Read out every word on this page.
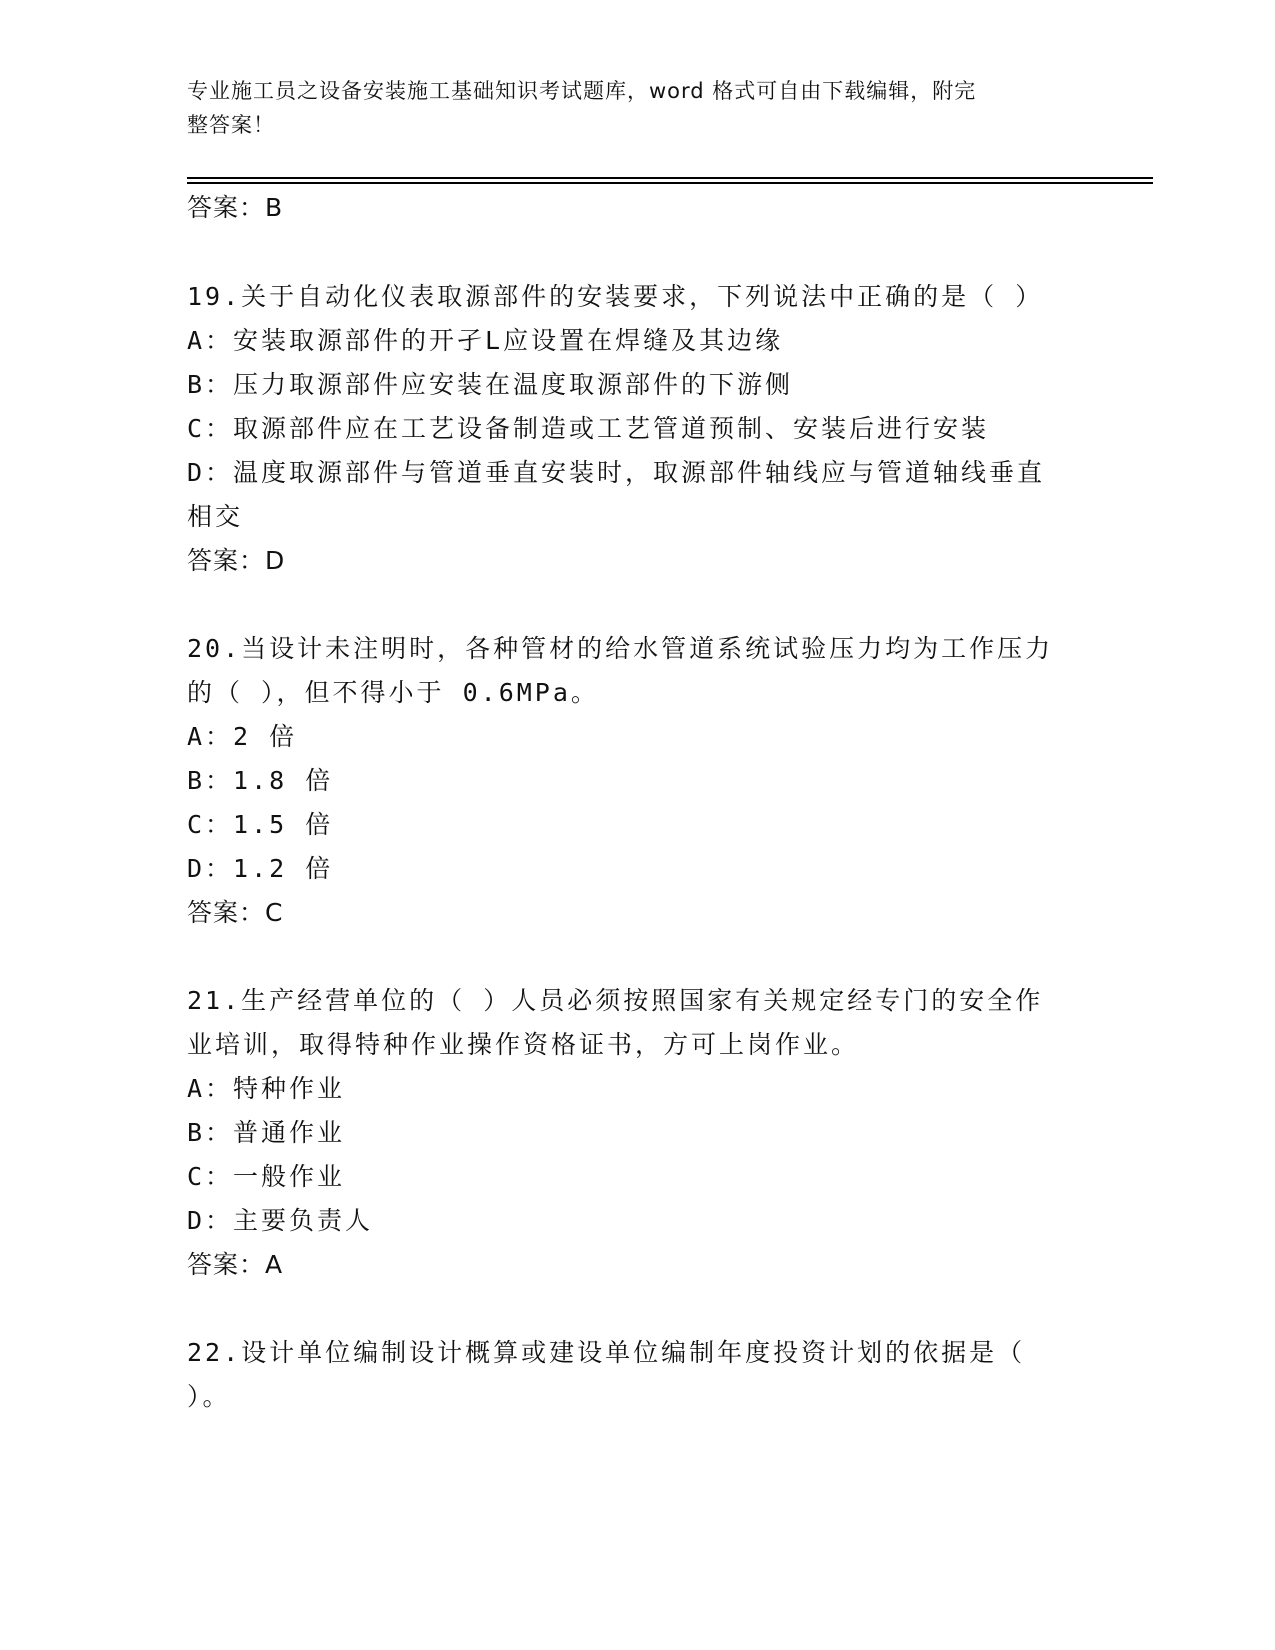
专业施工员之设备安装施工基础知识考试题库，word 格式可自由下载编辑，附完
整答案！
答案：B
19.关于自动化仪表取源部件的安装要求，下列说法中正确的是（ ）
A：安装取源部件的开孑L应设置在焊缝及其边缘
B：压力取源部件应安装在温度取源部件的下游侧
C：取源部件应在工艺设备制造或工艺管道预制、安装后进行安装
D：温度取源部件与管道垂直安装时，取源部件轴线应与管道轴线垂直
相交
答案：D
20.当设计未注明时，各种管材的给水管道系统试验压力均为工作压力
的（ ），但不得小于 0.6MPa。
A：2 倍
B：1.8 倍
C：1.5 倍
D：1.2 倍
答案：C
21.生产经营单位的（ ）人员必须按照国家有关规定经专门的安全作
业培训，取得特种作业操作资格证书，方可上岗作业。
A：特种作业
B：普通作业
C：一般作业
D：主要负责人
答案：A
22.设计单位编制设计概算或建设单位编制年度投资计划的依据是（
）。
